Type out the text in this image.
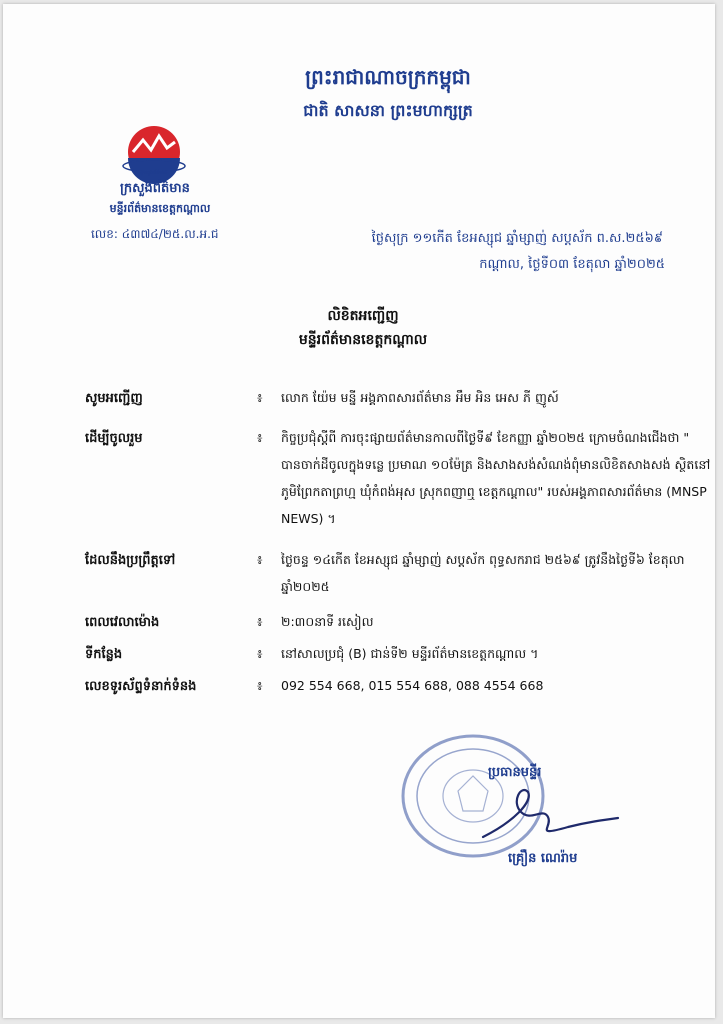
ព្រះរាជាណាចក្រកម្ពុជា
ជាតិ សាសនា ព្រះមហាក្សត្រ
ក្រសួងព័ត៌មាន
ក្រសួងព័ត៌មាន
មន្ទីរព័ត៌មានខេត្តកណ្ដាល
លេខ: ៤៣៧៤/២៥.ល.អ.ជ	ថ្ងៃសុក្រ ១១កើត ខែអស្សុជ ឆ្នាំម្សាញ់ សប្តស័ក ព.ស.២៥៦៩
កណ្តាល, ថ្ងៃទី០៣ ខែតុលា ឆ្នាំ២០២៥
លិខិតអញ្ជើញ
មន្ទីរព័ត៌មានខេត្តកណ្ដាល
សូមអញ្ជើញ	៖ លោក យ៉ែម មន្នី អង្គភាពសារព័ត៌មាន អឹម អិន អេស ភី ញូស៍
ដើម្បីចូលរួម	៖ កិច្ចប្រជុំស្តីពី ការចុះផ្សាយព័ត៌មានកាលពីថ្ងៃទី៩ ខែកញ្ញា ឆ្នាំ២០២៥ ក្រោមចំណងជើងថា " បានចាក់ដីចូលក្នុងទន្លេ ប្រមាណ ១០ម៉ែត្រ និងសាងសង់សំណង់ពុំមានលិខិតសាងសង់ ស្ថិតនៅភូមិព្រែកតាព្រហ្ម ឃុំកំពង់អុស ស្រុកពញាឮ ខេត្តកណ្ដាល" របស់អង្គភាពសារព័ត៌មាន (MNSP NEWS) ។
ដែលនឹងប្រព្រឹត្តទៅ	៖ ថ្ងៃចន្ទ ១៤កើត ខែអស្សុជ ឆ្នាំម្សាញ់ សប្តស័ក ពុទ្ធសករាជ ២៥៦៩ ត្រូវនឹងថ្ងៃទី៦ ខែតុលា ឆ្នាំ២០២៥
ពេលវេលាម៉ោង	៖ ២:៣០នាទី រសៀល
ទីកន្លែង	៖ នៅសាលប្រជុំ (B) ជាន់ទី២ មន្ទីរព័ត៌មានខេត្តកណ្ដាល ។
លេខទូរស័ព្ទទំនាក់ទំនង	៖ 092 554 668, 015 554 688, 088 4554 668
ប្រធានមន្ទីរ
គ្រឿន ណេរ៉ាម
